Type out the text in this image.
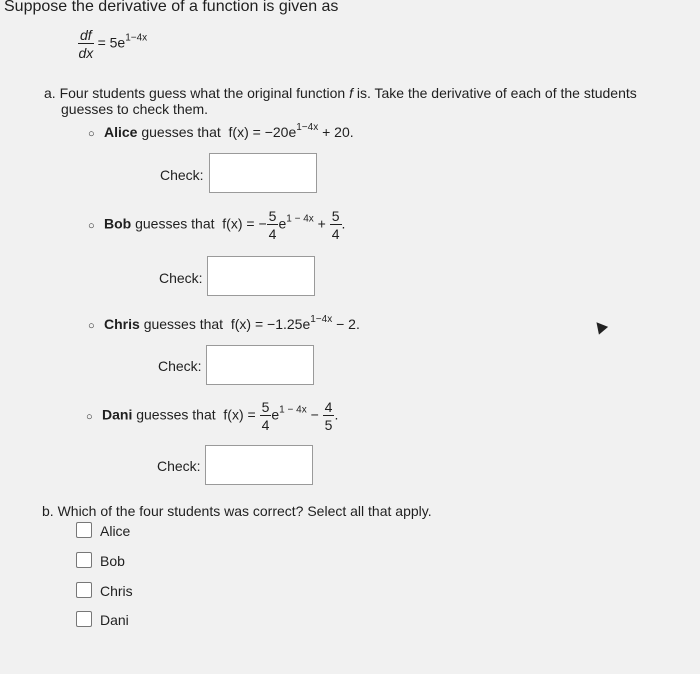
Suppose the derivative of a function is given as
$\frac{df}{dx} = 5e^{1-4x}$
a. Four students guess what the original function f is. Take the derivative of each of the students
guesses to check them.
○ Alice guesses that $f(x) = -20e^{1-4x} + 20$.
Check:
○ Bob guesses that f(x) = − $\frac{5}{4} e^{1 - 4x} + \frac{5}{4}$ .
Check:
○ Chris guesses that $f(x) = -1.25e^{1-4x} - 2$.
Check:
○ Dani guesses that $f(x) = \frac{5}{4} e^{1 - 4x} - \frac{4}{5}$ .
Check:
b. Which of the four students was correct? Select all that apply.
Alice
Bob
Chris
Dani
